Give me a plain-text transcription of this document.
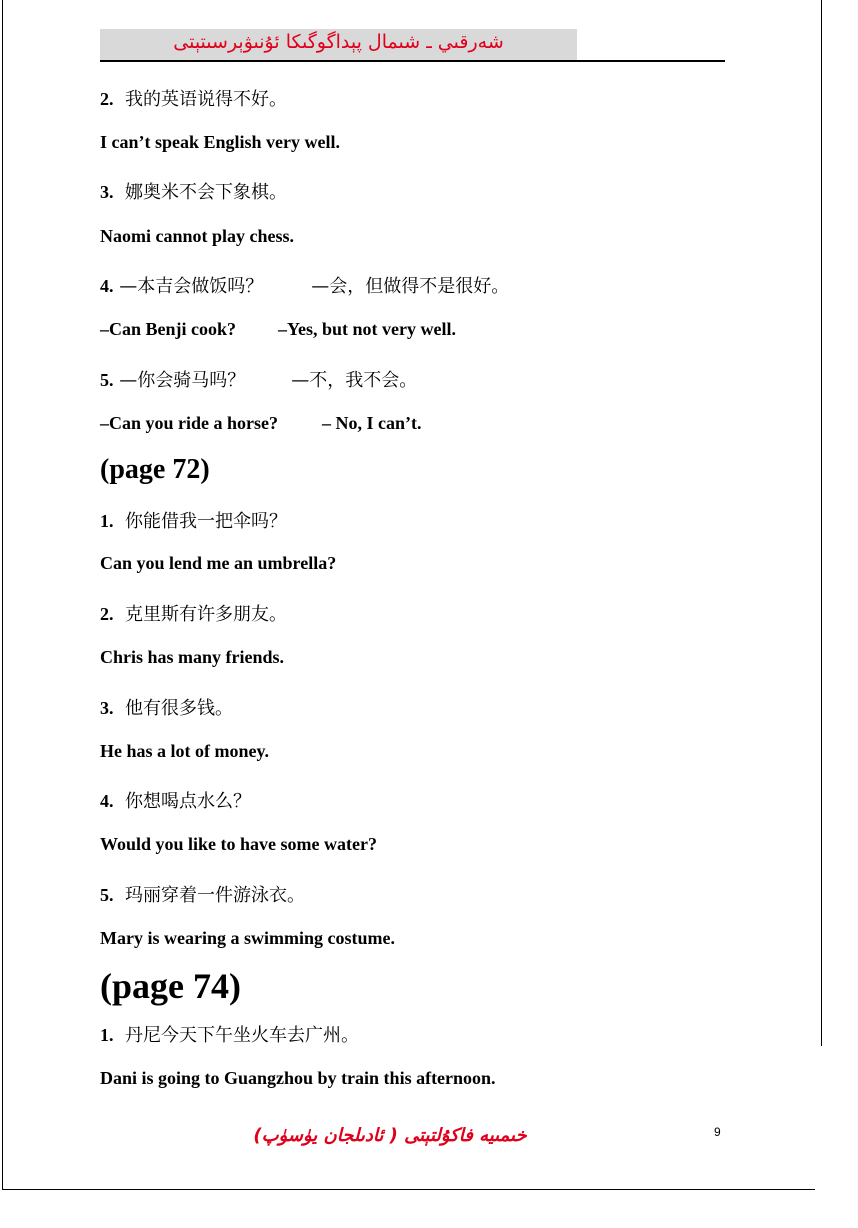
شەرقىي ـ شىمال پېداگوگىكا ئۇنىۋېرسىتېتى
2. 我的英语说得不好。
I can’t speak English very well.
3. 娜奥米不会下象棋。
Naomi cannot play chess.
4. —本吉会做饭吗？	—会，但做得不是很好。
–Can Benji cook? –Yes, but not very well.
5. —你会骑马吗？	—不，我不会。
–Can you ride a horse? – No, I can’t.
(page 72)
1. 你能借我一把伞吗？
Can you lend me an umbrella?
2. 克里斯有许多朋友。
Chris has many friends.
3. 他有很多钱。
He has a lot of money.
4. 你想喝点水么？
Would you like to have some water?
5. 玛丽穿着一件游泳衣。
Mary is wearing a swimming costume.
(page 74)
1. 丹尼今天下午坐火车去广州。
Dani is going to Guangzhou by train this afternoon.
خىمىيە فاكۇلتېتى ( ئادىلجان يۈسۈپ)	9
